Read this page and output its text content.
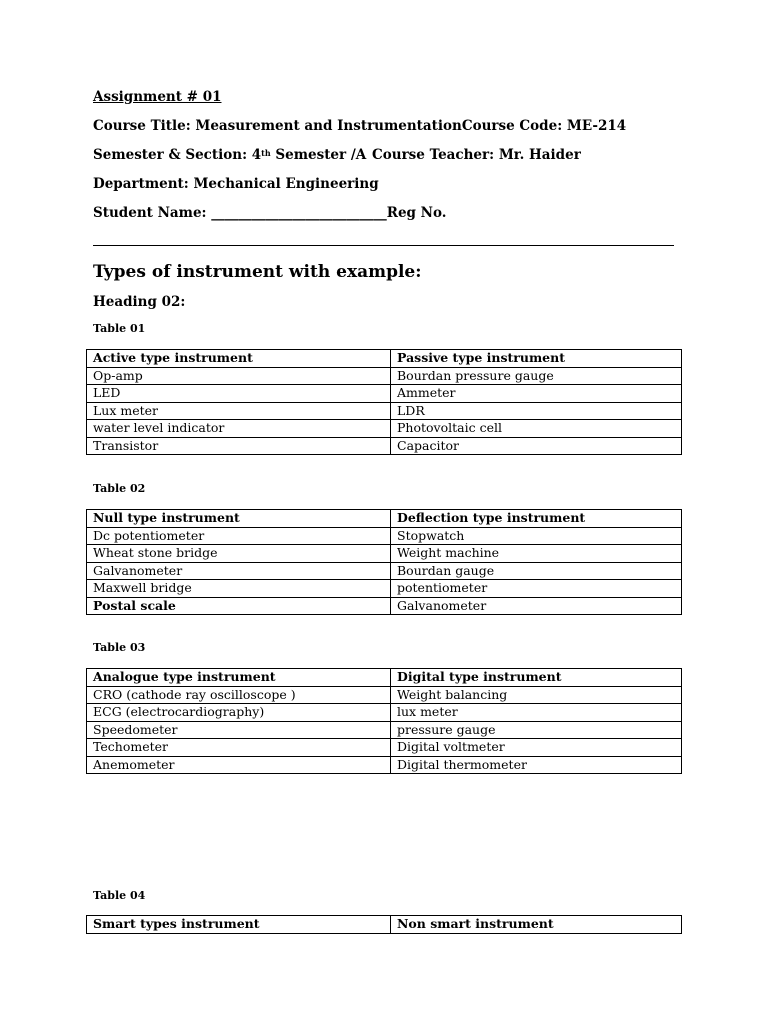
Assignment # 01
Course Title: Measurement and InstrumentationCourse Code: ME-214
Semester & Section: 4th Semester /A Course Teacher: Mr. Haider
Department: Mechanical Engineering
Student Name: __________________________Reg No.
Types of instrument with example:
Heading 02:
Table 01
Active type instrument	Passive type instrument
Op-amp	Bourdan pressure gauge
LED	Ammeter
Lux meter	LDR
water level indicator	Photovoltaic cell
Transistor	Capacitor
Table 02
Null type instrument	Deflection type instrument
Dc potentiometer	Stopwatch
Wheat stone bridge	Weight machine
Galvanometer	Bourdan gauge
Maxwell bridge	potentiometer
Postal scale	Galvanometer
Table 03
Analogue type instrument	Digital type instrument
CRO (cathode ray oscilloscope )	Weight balancing
ECG (electrocardiography)	lux meter
Speedometer	pressure gauge
Techometer	Digital voltmeter
Anemometer	Digital thermometer
Table 04
Smart types instrument	Non smart instrument
